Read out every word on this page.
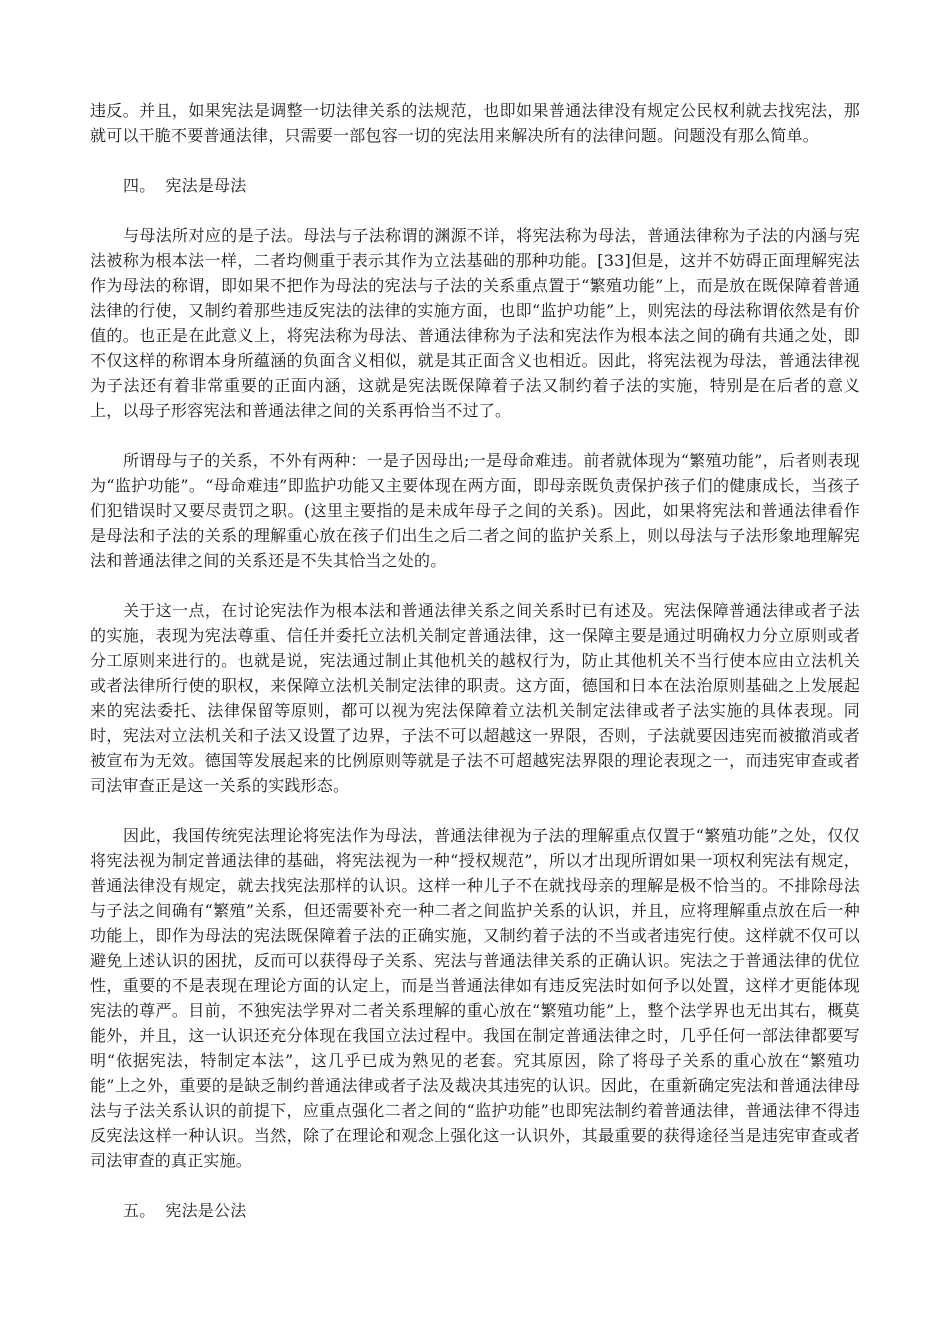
违反。并且，如果宪法是调整一切法律关系的法规范，也即如果普通法律没有规定公民权利就去找宪法，那就可以干脆不要普通法律，只需要一部包容一切的宪法用来解决所有的法律问题。问题没有那么简单。

四。 宪法是母法

与母法所对应的是子法。母法与子法称谓的渊源不详，将宪法称为母法，普通法律称为子法的内涵与宪法被称为根本法一样，二者均侧重于表示其作为立法基础的那种功能。[33]但是，这并不妨碍正面理解宪法作为母法的称谓，即如果不把作为母法的宪法与子法的关系重点置于“繁殖功能”上，而是放在既保障着普通法律的行使，又制约着那些违反宪法的法律的实施方面，也即“监护功能”上，则宪法的母法称谓依然是有价值的。也正是在此意义上，将宪法称为母法、普通法律称为子法和宪法作为根本法之间的确有共通之处，即不仅这样的称谓本身所蕴涵的负面含义相似，就是其正面含义也相近。因此，将宪法视为母法，普通法律视为子法还有着非常重要的正面内涵，这就是宪法既保障着子法又制约着子法的实施，特别是在后者的意义上，以母子形容宪法和普通法律之间的关系再恰当不过了。

所谓母与子的关系，不外有两种：一是子因母出;一是母命难违。前者就体现为“繁殖功能”，后者则表现为“监护功能”。“母命难违”即监护功能又主要体现在两方面，即母亲既负责保护孩子们的健康成长，当孩子们犯错误时又要尽责罚之职。(这里主要指的是未成年母子之间的关系)。因此，如果将宪法和普通法律看作是母法和子法的关系的理解重心放在孩子们出生之后二者之间的监护关系上，则以母法与子法形象地理解宪法和普通法律之间的关系还是不失其恰当之处的。

关于这一点，在讨论宪法作为根本法和普通法律关系之间关系时已有述及。宪法保障普通法律或者子法的实施，表现为宪法尊重、信任并委托立法机关制定普通法律，这一保障主要是通过明确权力分立原则或者分工原则来进行的。也就是说，宪法通过制止其他机关的越权行为，防止其他机关不当行使本应由立法机关或者法律所行使的职权，来保障立法机关制定法律的职责。这方面，德国和日本在法治原则基础之上发展起来的宪法委托、法律保留等原则，都可以视为宪法保障着立法机关制定法律或者子法实施的具体表现。同时，宪法对立法机关和子法又设置了边界，子法不可以超越这一界限，否则，子法就要因违宪而被撤消或者被宣布为无效。德国等发展起来的比例原则等就是子法不可超越宪法界限的理论表现之一，而违宪审查或者司法审查正是这一关系的实践形态。

因此，我国传统宪法理论将宪法作为母法，普通法律视为子法的理解重点仅置于“繁殖功能”之处，仅仅将宪法视为制定普通法律的基础，将宪法视为一种“授权规范”，所以才出现所谓如果一项权利宪法有规定，普通法律没有规定，就去找宪法那样的认识。这样一种儿子不在就找母亲的理解是极不恰当的。不排除母法与子法之间确有“繁殖”关系，但还需要补充一种二者之间监护关系的认识，并且，应将理解重点放在后一种功能上，即作为母法的宪法既保障着子法的正确实施，又制约着子法的不当或者违宪行使。这样就不仅可以避免上述认识的困扰，反而可以获得母子关系、宪法与普通法律关系的正确认识。宪法之于普通法律的优位性，重要的不是表现在理论方面的认定上，而是当普通法律如有违反宪法时如何予以处置，这样才更能体现宪法的尊严。目前，不独宪法学界对二者关系理解的重心放在“繁殖功能”上，整个法学界也无出其右，概莫能外，并且，这一认识还充分体现在我国立法过程中。我国在制定普通法律之时，几乎任何一部法律都要写明“依据宪法，特制定本法”，这几乎已成为熟见的老套。究其原因，除了将母子关系的重心放在“繁殖功能”上之外，重要的是缺乏制约普通法律或者子法及裁决其违宪的认识。因此，在重新确定宪法和普通法律母法与子法关系认识的前提下，应重点强化二者之间的“监护功能”也即宪法制约着普通法律，普通法律不得违反宪法这样一种认识。当然，除了在理论和观念上强化这一认识外，其最重要的获得途径当是违宪审查或者司法审查的真正实施。

五。 宪法是公法
